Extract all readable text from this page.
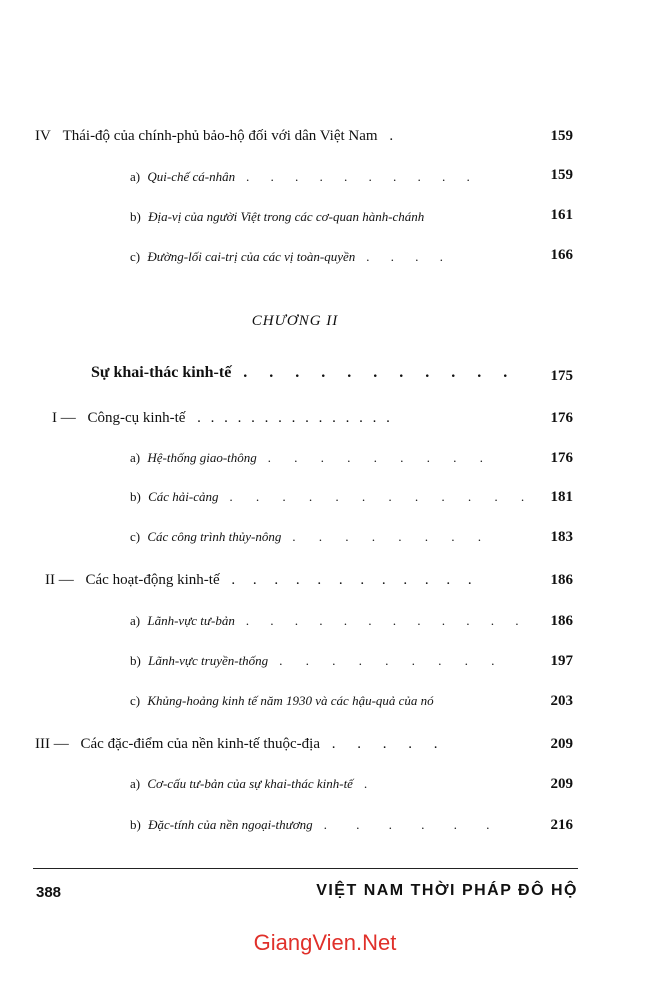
IV Thái-độ của chính-phủ bảo-hộ đối với dân Việt Nam .	159
a) Qui-chế cá-nhân . . . . . . . . . .	159
b) Địa-vị của người Việt trong các cơ-quan hành-chánh	161
c) Đường-lối cai-trị của các vị toàn-quyền . . . .	166
CHƯƠNG II
Sự khai-thác kinh-tế . . . . . . . . . . .	175
I — Công-cụ kinh-tế . . . . . . . . . . . . . . .	176
a) Hệ-thống giao-thông . . . . . . . . .	176
b) Các hải-cảng . . . . . . . . . . . .	181
c) Các công trình thủy-nông . . . . . . . .	183
II — Các hoạt-động kinh-tế . . . . . . . . . . . .	186
a) Lãnh-vực tư-bản . . . . . . . . . . . .	186
b) Lãnh-vực truyền-thống . . . . . . . . .	197
c) Khủng-hoảng kinh tế năm 1930 và các hậu-quả của nó	203
III — Các đặc-điểm của nền kinh-tế thuộc-địa . . . . .	209
a) Cơ-cấu tư-bản của sự khai-thác kinh-tế .	209
b) Đặc-tính của nền ngoại-thương . . . . . .	216
388	VIỆT NAM THỜI PHÁP ĐÔ HỘ
GiangVien.Net
